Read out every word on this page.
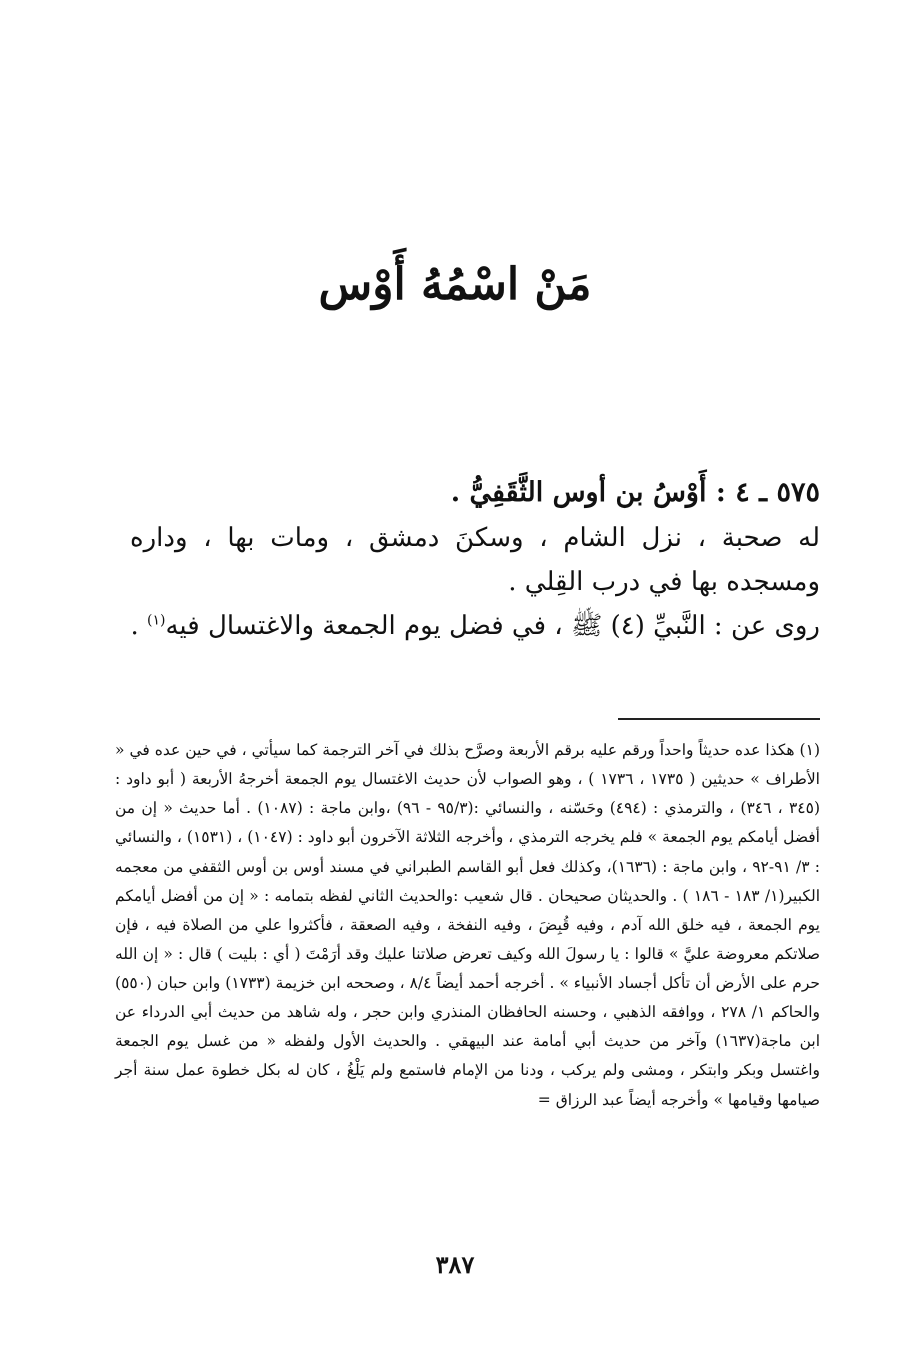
مَنْ اسْمُهُ أَوْس

٥٧٥ ـ ٤ : أَوْسُ بن أوس الثَّقَفِيُّ .

له صحبة ، نزل الشام ، وسكنَ دمشق ، ومات بها ، وداره ومسجده بها في درب القِلي .

روى عن : النَّبيِّ (٤) ﷺ ، في فضل يوم الجمعة والاغتسال فيه$^{(١)}$ .

(١) هكذا عده حديثاً واحداً ورقم عليه برقم الأربعة وصرَّح بذلك في آخر الترجمة كما سيأتي ، في حين عده في « الأطراف » حديثين ( ١٧٣٥ ، ١٧٣٦ ) ، وهو الصواب لأن حديث الاغتسال يوم الجمعة أخرجهُ الأربعة ( أبو داود : (٣٤٥ ، ٣٤٦) ، والترمذي : (٤٩٤) وحَسّنه ، والنسائي :(٩٥/٣ - ٩٦) ،وابن ماجة : (١٠٨٧) . أما حديث « إن من أفضل أيامكم يوم الجمعة » فلم يخرجه الترمذي ، وأخرجه الثلاثة الآخرون أبو داود : (١٠٤٧) ، (١٥٣١) ، والنسائي : ٣/ ٩١-٩٢ ، وابن ماجة : (١٦٣٦)، وكذلك فعل أبو القاسم الطبراني في مسند أوس بن أوس الثقفي من معجمه الكبير(١/ ١٨٣ - ١٨٦ ) . والحديثان صحيحان . قال شعيب :والحديث الثاني لفظه بتمامه : « إن من أفضل أيامكم يوم الجمعة ، فيه خلق الله آدم ، وفيه قُبِضَ ، وفيه النفخة ، وفيه الصعقة ، فأكثروا علي من الصلاة فيه ، فإن صلاتكم معروضة عليَّ » قالوا : يا رسولَ الله وكيف تعرض صلاتنا عليك وقد أرَمْتَ ( أي : بليت ) قال : « إن الله حرم على الأرض أن تأكل أجساد الأنبياء » . أخرجه أحمد أيضاً ٨/٤ ، وصححه ابن خزيمة (١٧٣٣) وابن حبان (٥٥٠) والحاكم ١/ ٢٧٨ ، ووافقه الذهبي ، وحسنه الحافظان المنذري وابن حجر ، وله شاهد من حديث أبي الدرداء عن ابن ماجة(١٦٣٧) وآخر من حديث أبي أمامة عند البيهقي . والحديث الأول ولفظه « من غسل يوم الجمعة واغتسل وبكر وابتكر ، ومشى ولم يركب ، ودنا من الإمام فاستمع ولم يَلْغُ ، كان له بكل خطوة عمل سنة أجر صيامها وقيامها » وأخرجه أيضاً عبد الرزاق =

٣٨٧
